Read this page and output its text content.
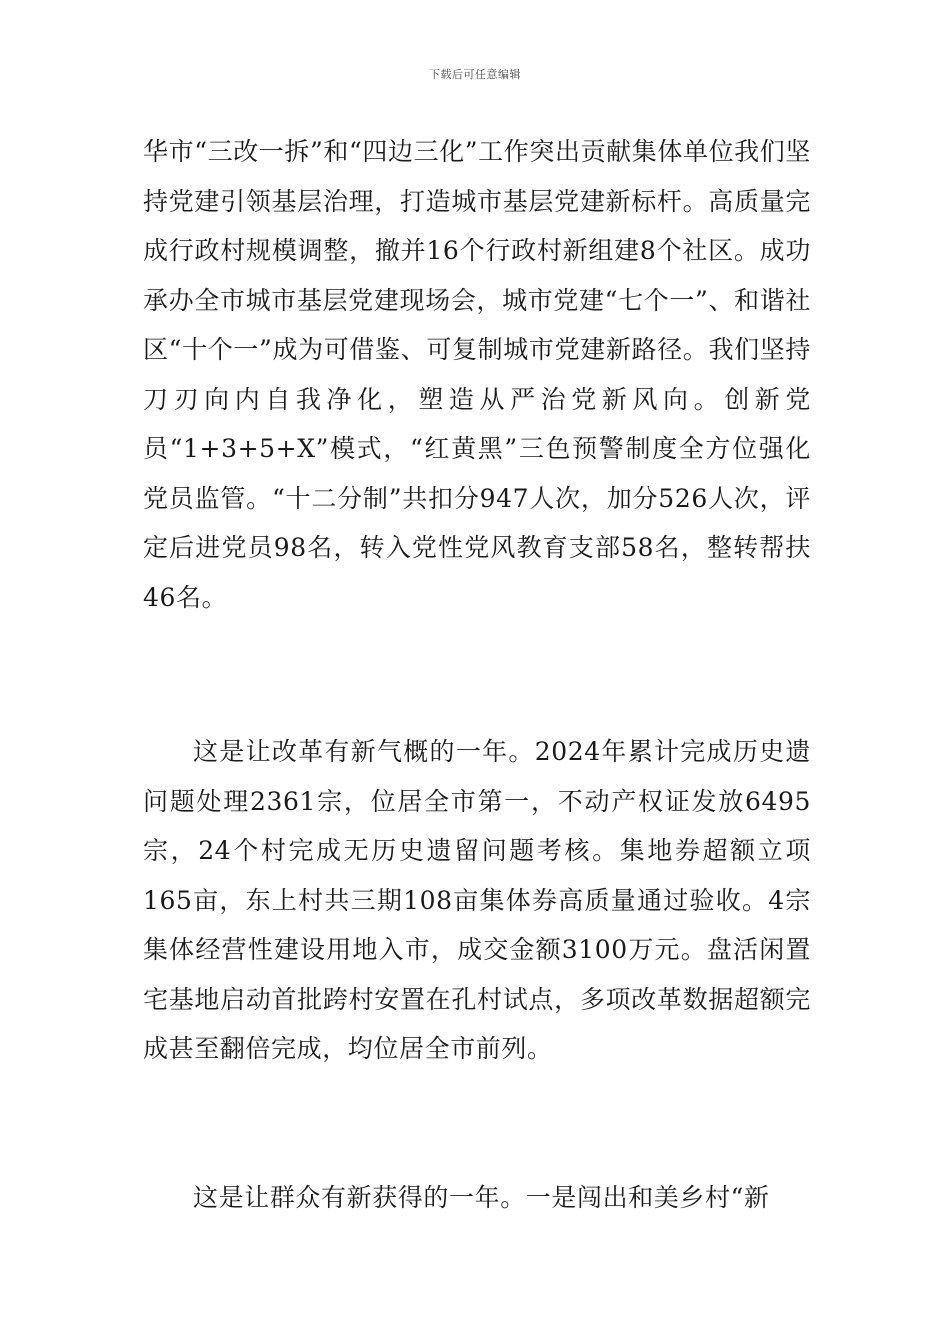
下载后可任意编辑

华市“三改一拆”和“四边三化”工作突出贡献集体单位我们坚持党建引领基层治理，打造城市基层党建新标杆。高质量完成行政村规模调整，撤并16个行政村新组建8个社区。成功承办全市城市基层党建现场会，城市党建“七个一”、和谐社区“十个一”成为可借鉴、可复制城市党建新路径。我们坚持刀刃向内自我净化，塑造从严治党新风向。创新党员“1+3+5+X”模式，“红黄黑”三色预警制度全方位强化党员监管。“十二分制”共扣分947人次，加分526人次，评定后进党员98名，转入党性党风教育支部58名，整转帮扶46名。

这是让改革有新气概的一年。2024年累计完成历史遗问题处理2361宗，位居全市第一，不动产权证发放6495宗，24个村完成无历史遗留问题考核。集地券超额立项165亩，东上村共三期108亩集体券高质量通过验收。4宗集体经营性建设用地入市，成交金额3100万元。盘活闲置宅基地启动首批跨村安置在孔村试点，多项改革数据超额完成甚至翻倍完成，均位居全市前列。

这是让群众有新获得的一年。一是闯出和美乡村“新
